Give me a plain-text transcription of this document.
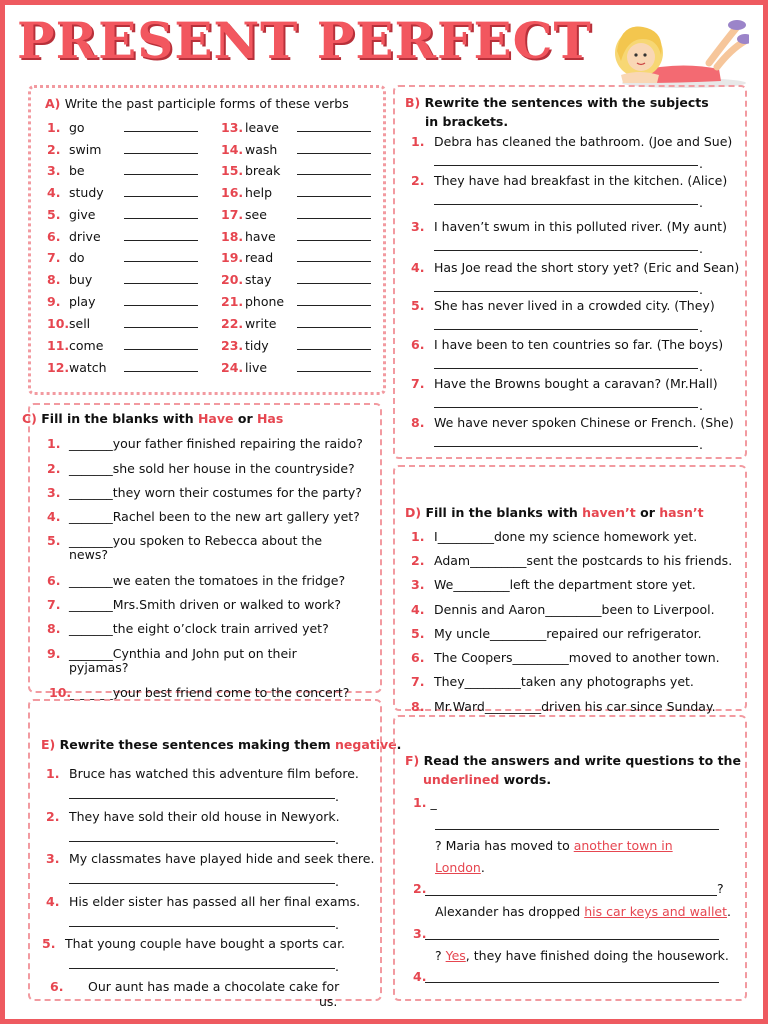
PRESENT PERFECT
A) Write the past participle forms of these verbs
1. go
2. swim
3. be
4. study
5. give
6. drive
7. do
8. buy
9. play
10.sell
11.come
12.watch
13. leave
14. wash
15. break
16. help
17. see
18. have
19. read
20. stay
21. phone
22. write
23. tidy
24. live
B) Rewrite the sentences with the subjects
in brackets.
1. Debra has cleaned the bathroom. (Joe and Sue)
.
2. They have had breakfast in the kitchen. (Alice)
.
3. I haven’t swum in this polluted river. (My aunt)
.
4. Has Joe read the short story yet? (Eric and Sean)
.
5. She has never lived in a crowded city. (They)
.
6. I have been to ten countries so far. (The boys)
.
7. Have the Browns bought a caravan? (Mr.Hall)
.
8. We have never spoken Chinese or French. (She)
.
C) Fill in the blanks with Have or Has
1. _______your father finished repairing the raido?
2. _______she sold her house in the countryside?
3. _______they worn their costumes for the party?
4. _______Rachel been to the new art gallery yet?
5. _______you spoken to Rebecca about the
news?
6. _______we eaten the tomatoes in the fridge?
7. _______Mrs.Smith driven or walked to work?
8. _______the eight o’clock train arrived yet?
9. _______Cynthia and John put on their
pyjamas?
10._______your best friend come to the concert?
D) Fill in the blanks with haven’t or hasn’t
1. I_________done my science homework yet.
2. Adam_________sent the postcards to his friends.
3. We_________left the department store yet.
4. Dennis and Aaron_________been to Liverpool.
5. My uncle_________repaired our refrigerator.
6. The Coopers_________moved to another town.
7. They_________taken any photographs yet.
8. Mr.Ward_________driven his car since Sunday.
E) Rewrite these sentences making them negative.
1. Bruce has watched this adventure film before.
.
2. They have sold their old house in Newyork.
.
3. My classmates have played hide and seek there.
.
4. His elder sister has passed all her final exams.
.
5. That young couple have bought a sports car.
.
6. Our aunt has made a chocolate cake for
us.
F) Read the answers and write questions to the
underlined words.
1. _
? Maria has moved to another town in
London.
2.	?
Alexander has dropped his car keys and wallet.
3.
? Yes, they have finished doing the housework.
4.
